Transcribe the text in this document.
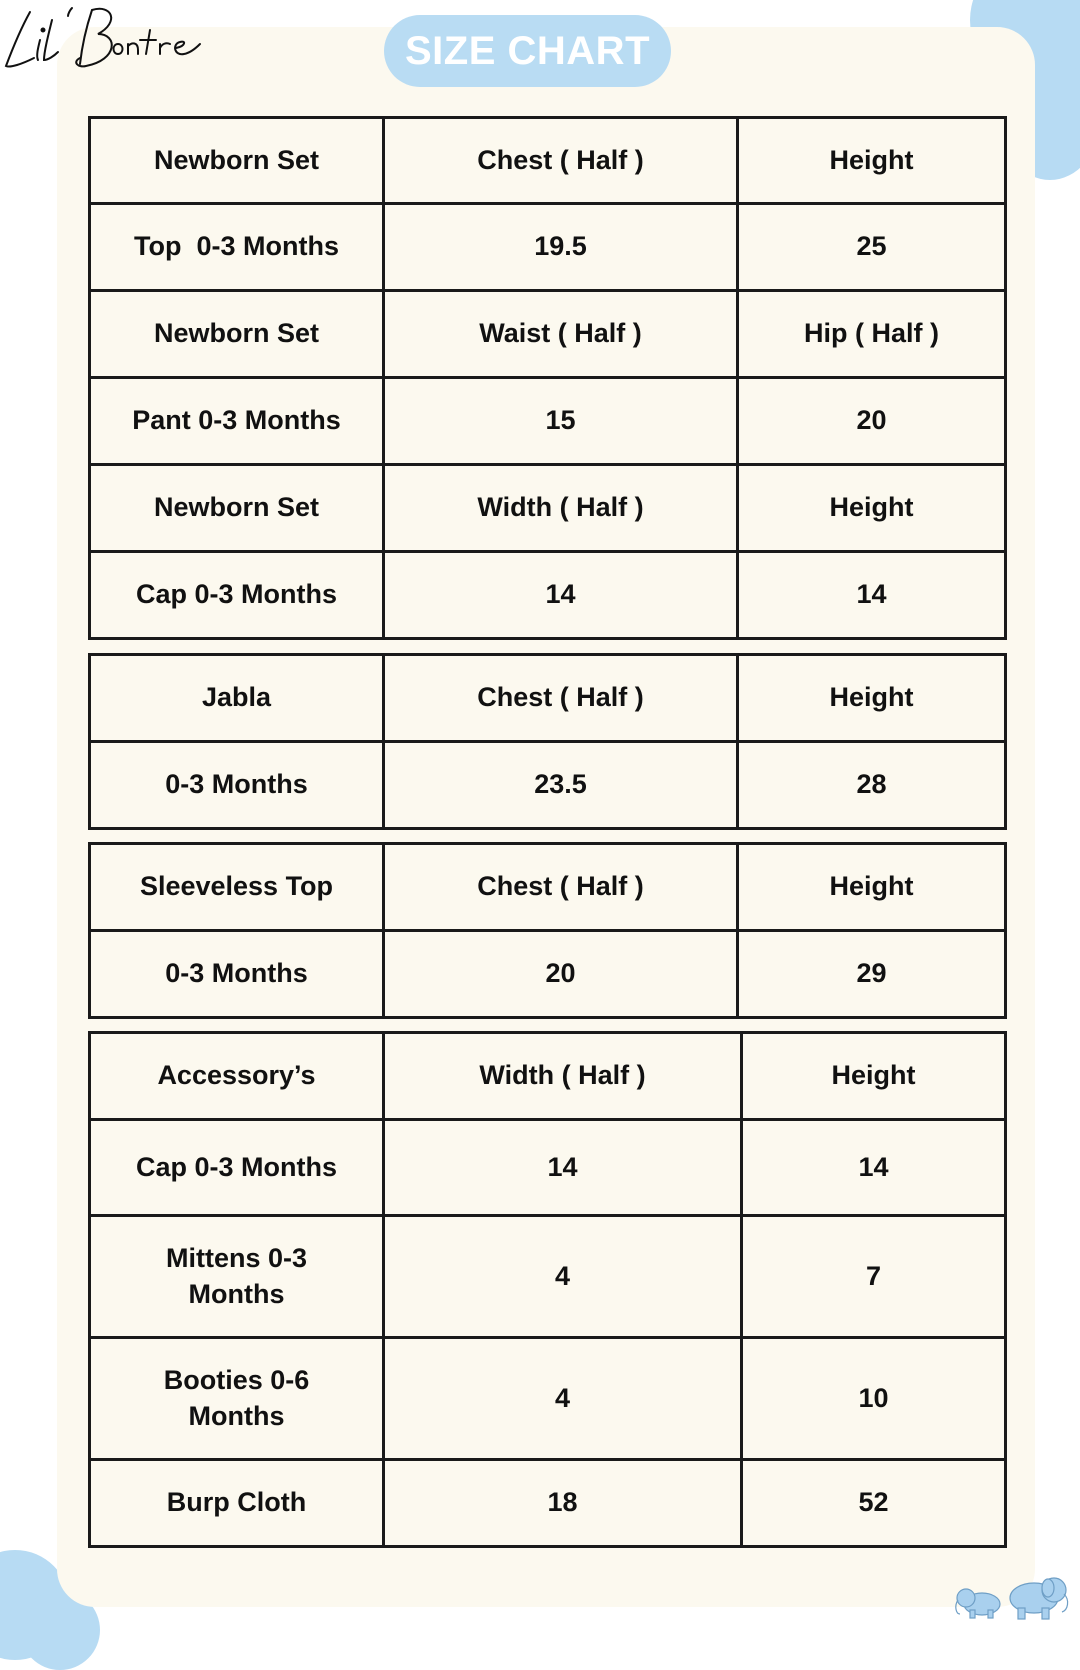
SIZE CHART
Newborn Set	Chest ( Half )	Height
Top  0-3 Months	19.5	25
Newborn Set	Waist ( Half )	Hip ( Half )
Pant 0-3 Months	15	20
Newborn Set	Width ( Half )	Height
Cap 0-3 Months	14	14
Jabla	Chest ( Half )	Height
0-3 Months	23.5	28
Sleeveless Top	Chest ( Half )	Height
0-3 Months	20	29
Accessory’s	Width ( Half )	Height
Cap 0-3 Months	14	14
Mittens 0-3 Months	4	7
Booties 0-6 Months	4	10
Burp Cloth	18	52
